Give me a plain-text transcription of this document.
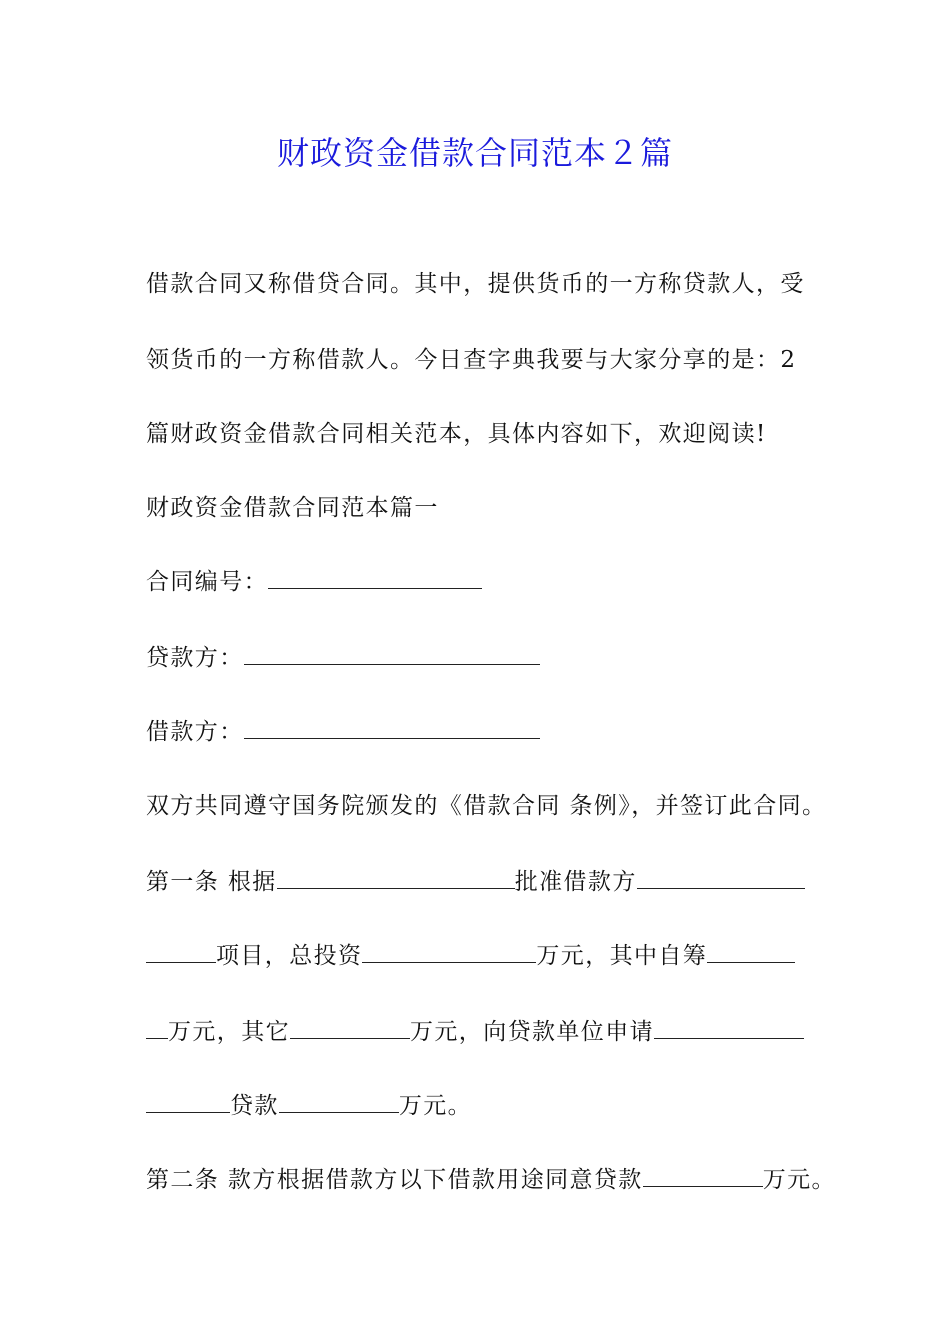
财政资金借款合同范本２篇
借款合同又称借贷合同。其中，提供货币的一方称贷款人，受
领货币的一方称借款人。今日查字典我要与大家分享的是：2
篇财政资金借款合同相关范本，具体内容如下，欢迎阅读!
财政资金借款合同范本篇一
合同编号：
贷款方：
借款方：
双方共同遵守国务院颁发的《借款合同 条例》，并签订此合同。
第一条 根据	批准借款方
项目，总投资	万元，其中自筹
万元，其它	万元，向贷款单位申请
贷款	万元。
第二条 款方根据借款方以下借款用途同意贷款	万元。
